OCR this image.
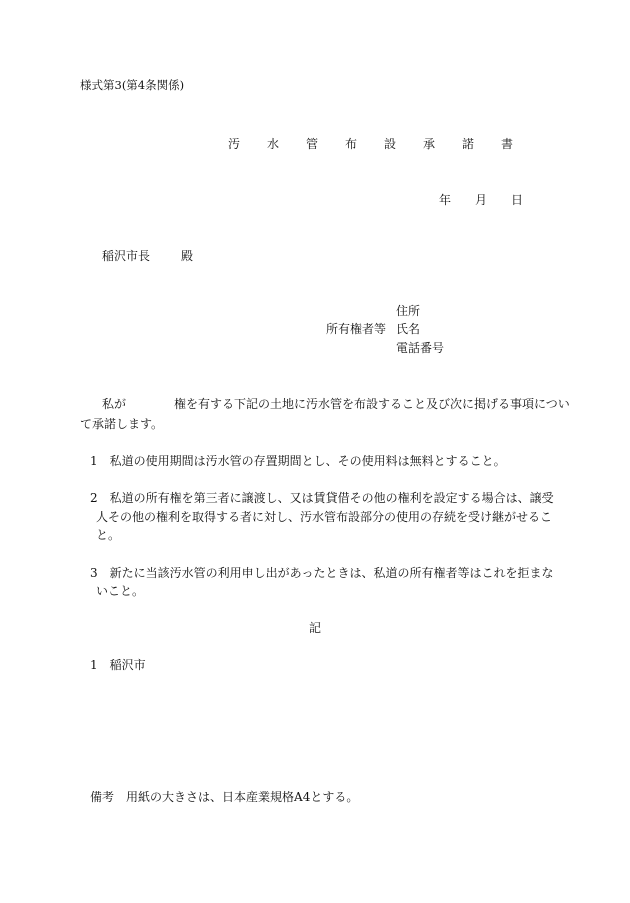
様式第3(第4条関係)
汚　水　管　布　設　承　諾　書
年 月 日
稲沢市長	殿
所有権者等
住所
氏名
電話番号
私が	権を有する下記の土地に汚水管を布設すること及び次に掲げる事項につい
て承諾します。
1　 私道の使用期間は汚水管の存置期間とし、その使用料は無料とすること。
2　 私道の所有権を第三者に譲渡し、又は賃貸借その他の権利を設定する場合は、譲受
人その他の権利を取得する者に対し、汚水管布設部分の使用の存続を受け継がせるこ
と。
3　 新たに当該汚水管の利用申し出があったときは、私道の所有権者等はこれを拒まな
いこと。
記
1　 稲沢市
備考　 用紙の大きさは、日本産業規格A4とする。
